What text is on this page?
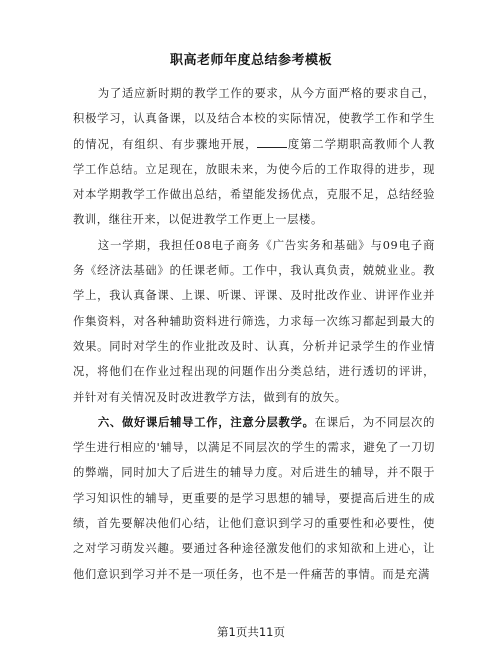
职高老师年度总结参考模板

为了适应新时期的教学工作的要求，从今方面严格的要求自己，积极学习，认真备课，以及结合本校的实际情况，使教学工作和学生的情况，有组织、有步骤地开展，	度第二学期职高教师个人教学工作总结。立足现在，放眼未来，为使今后的工作取得的进步，现对本学期教学工作做出总结，希望能发扬优点，克服不足，总结经验教训，继往开来，以促进教学工作更上一层楼。

这一学期，我担任08电子商务《广告实务和基础》与09电子商务《经济法基础》的任课老师。工作中，我认真负责，兢兢业业。教学上，我认真备课、上课、听课、评课、及时批改作业、讲评作业并作集资料，对各种辅助资料进行筛选，力求每一次练习都起到最大的效果。同时对学生的作业批改及时、认真，分析并记录学生的作业情况，将他们在作业过程出现的问题作出分类总结，进行透切的评讲，并针对有关情况及时改进教学方法，做到有的放矢。

六、做好课后辅导工作，注意分层教学。在课后，为不同层次的学生进行相应的'辅导，以满足不同层次的学生的需求，避免了一刀切的弊端，同时加大了后进生的辅导力度。对后进生的辅导，并不限于学习知识性的辅导，更重要的是学习思想的辅导，要提高后进生的成绩，首先要解决他们心结，让他们意识到学习的重要性和必要性，使之对学习萌发兴趣。要通过各种途径激发他们的求知欲和上进心，让他们意识到学习并不是一项任务，也不是一件痛苦的事情。而是充满

第1页共11页
